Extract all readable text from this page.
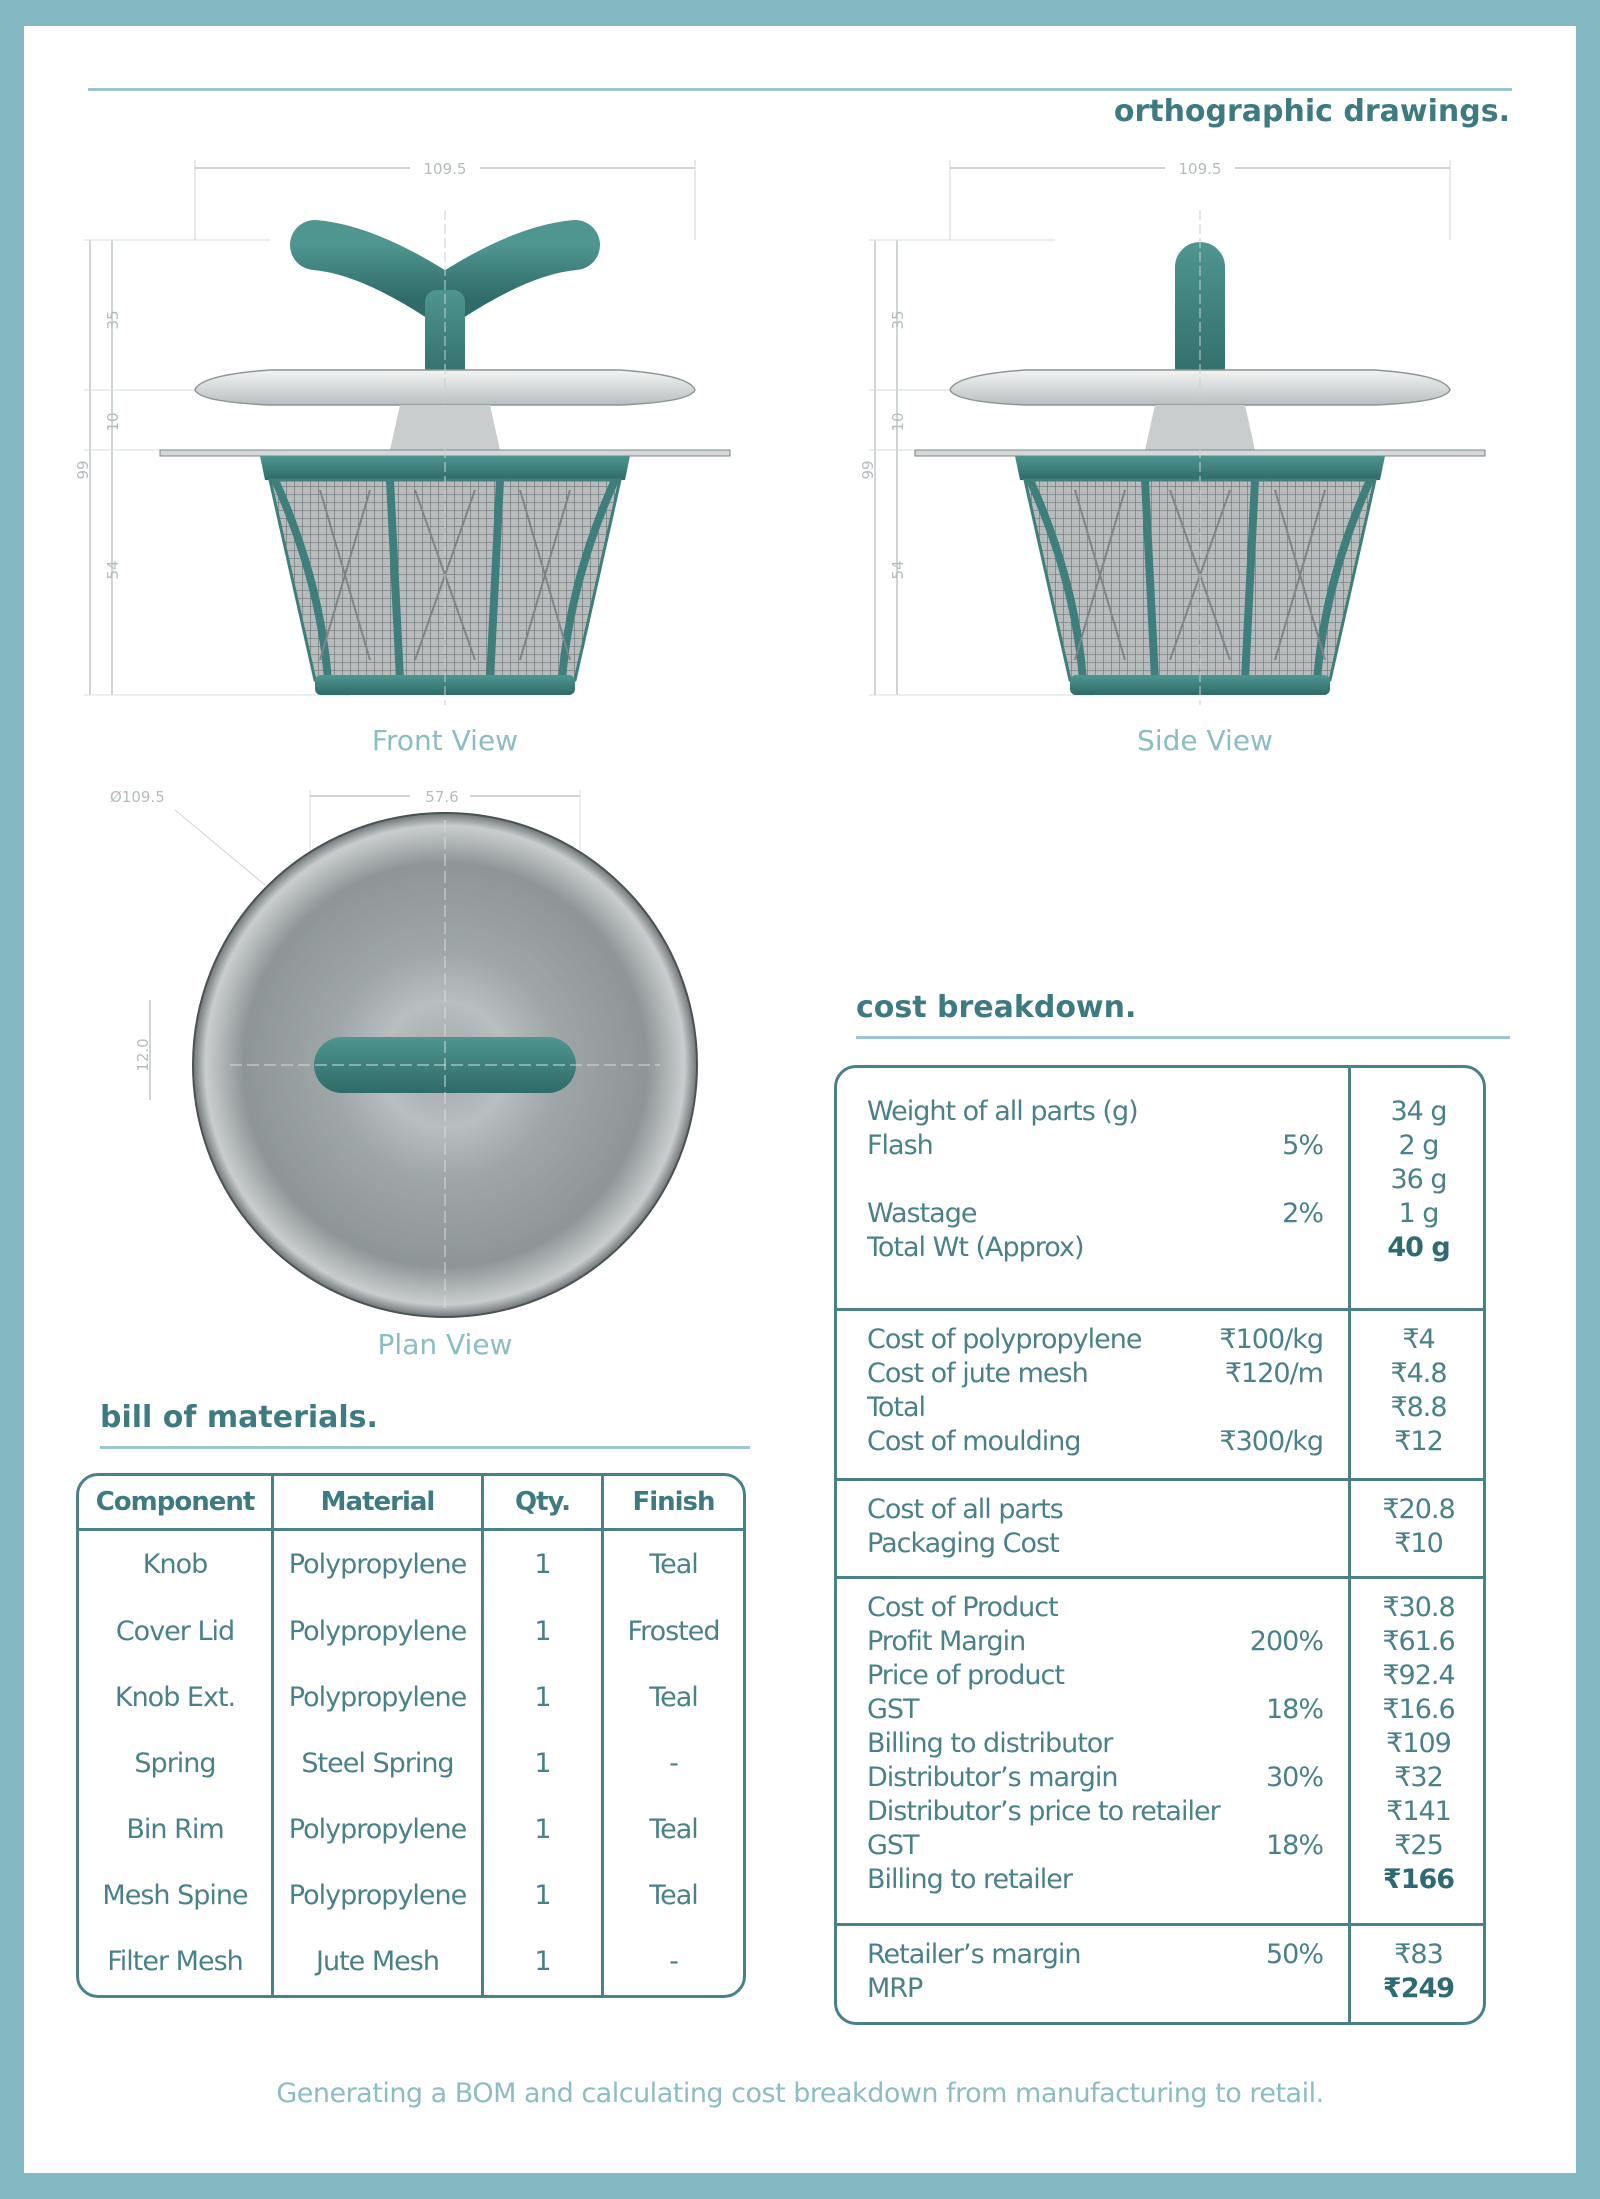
orthographic drawings.
109.5
35
10
99
54
Front View
109.5
35
10
99
54
Side View
Ø109.5	57.6
12.0
Plan View
bill of materials.
Component	Material	Qty.	Finish
Knob	Polypropylene	1	Teal
Cover Lid	Polypropylene	1	Frosted
Knob Ext.	Polypropylene	1	Teal
Spring	Steel Spring	1	-
Bin Rim	Polypropylene	1	Teal
Mesh Spine	Polypropylene	1	Teal
Filter Mesh	Jute Mesh	1	-
cost breakdown.
Weight of all parts (g)	34 g
Flash	5%	2 g
36 g
Wastage	2%	1 g
Total Wt (Approx)	40 g
Cost of polypropylene	₹100/kg	₹4
Cost of jute mesh	₹120/m	₹4.8
Total	₹8.8
Cost of moulding	₹300/kg	₹12
Cost of all parts	₹20.8
Packaging Cost	₹10
Cost of Product	₹30.8
Profit Margin	200%	₹61.6
Price of product	₹92.4
GST	18%	₹16.6
Billing to distributor	₹109
Distributor’s margin	30%	₹32
Distributor’s price to retailer	₹141
GST	18%	₹25
Billing to retailer	₹166
Retailer’s margin	50%	₹83
MRP	₹249
Generating a BOM and calculating cost breakdown from manufacturing to retail.
